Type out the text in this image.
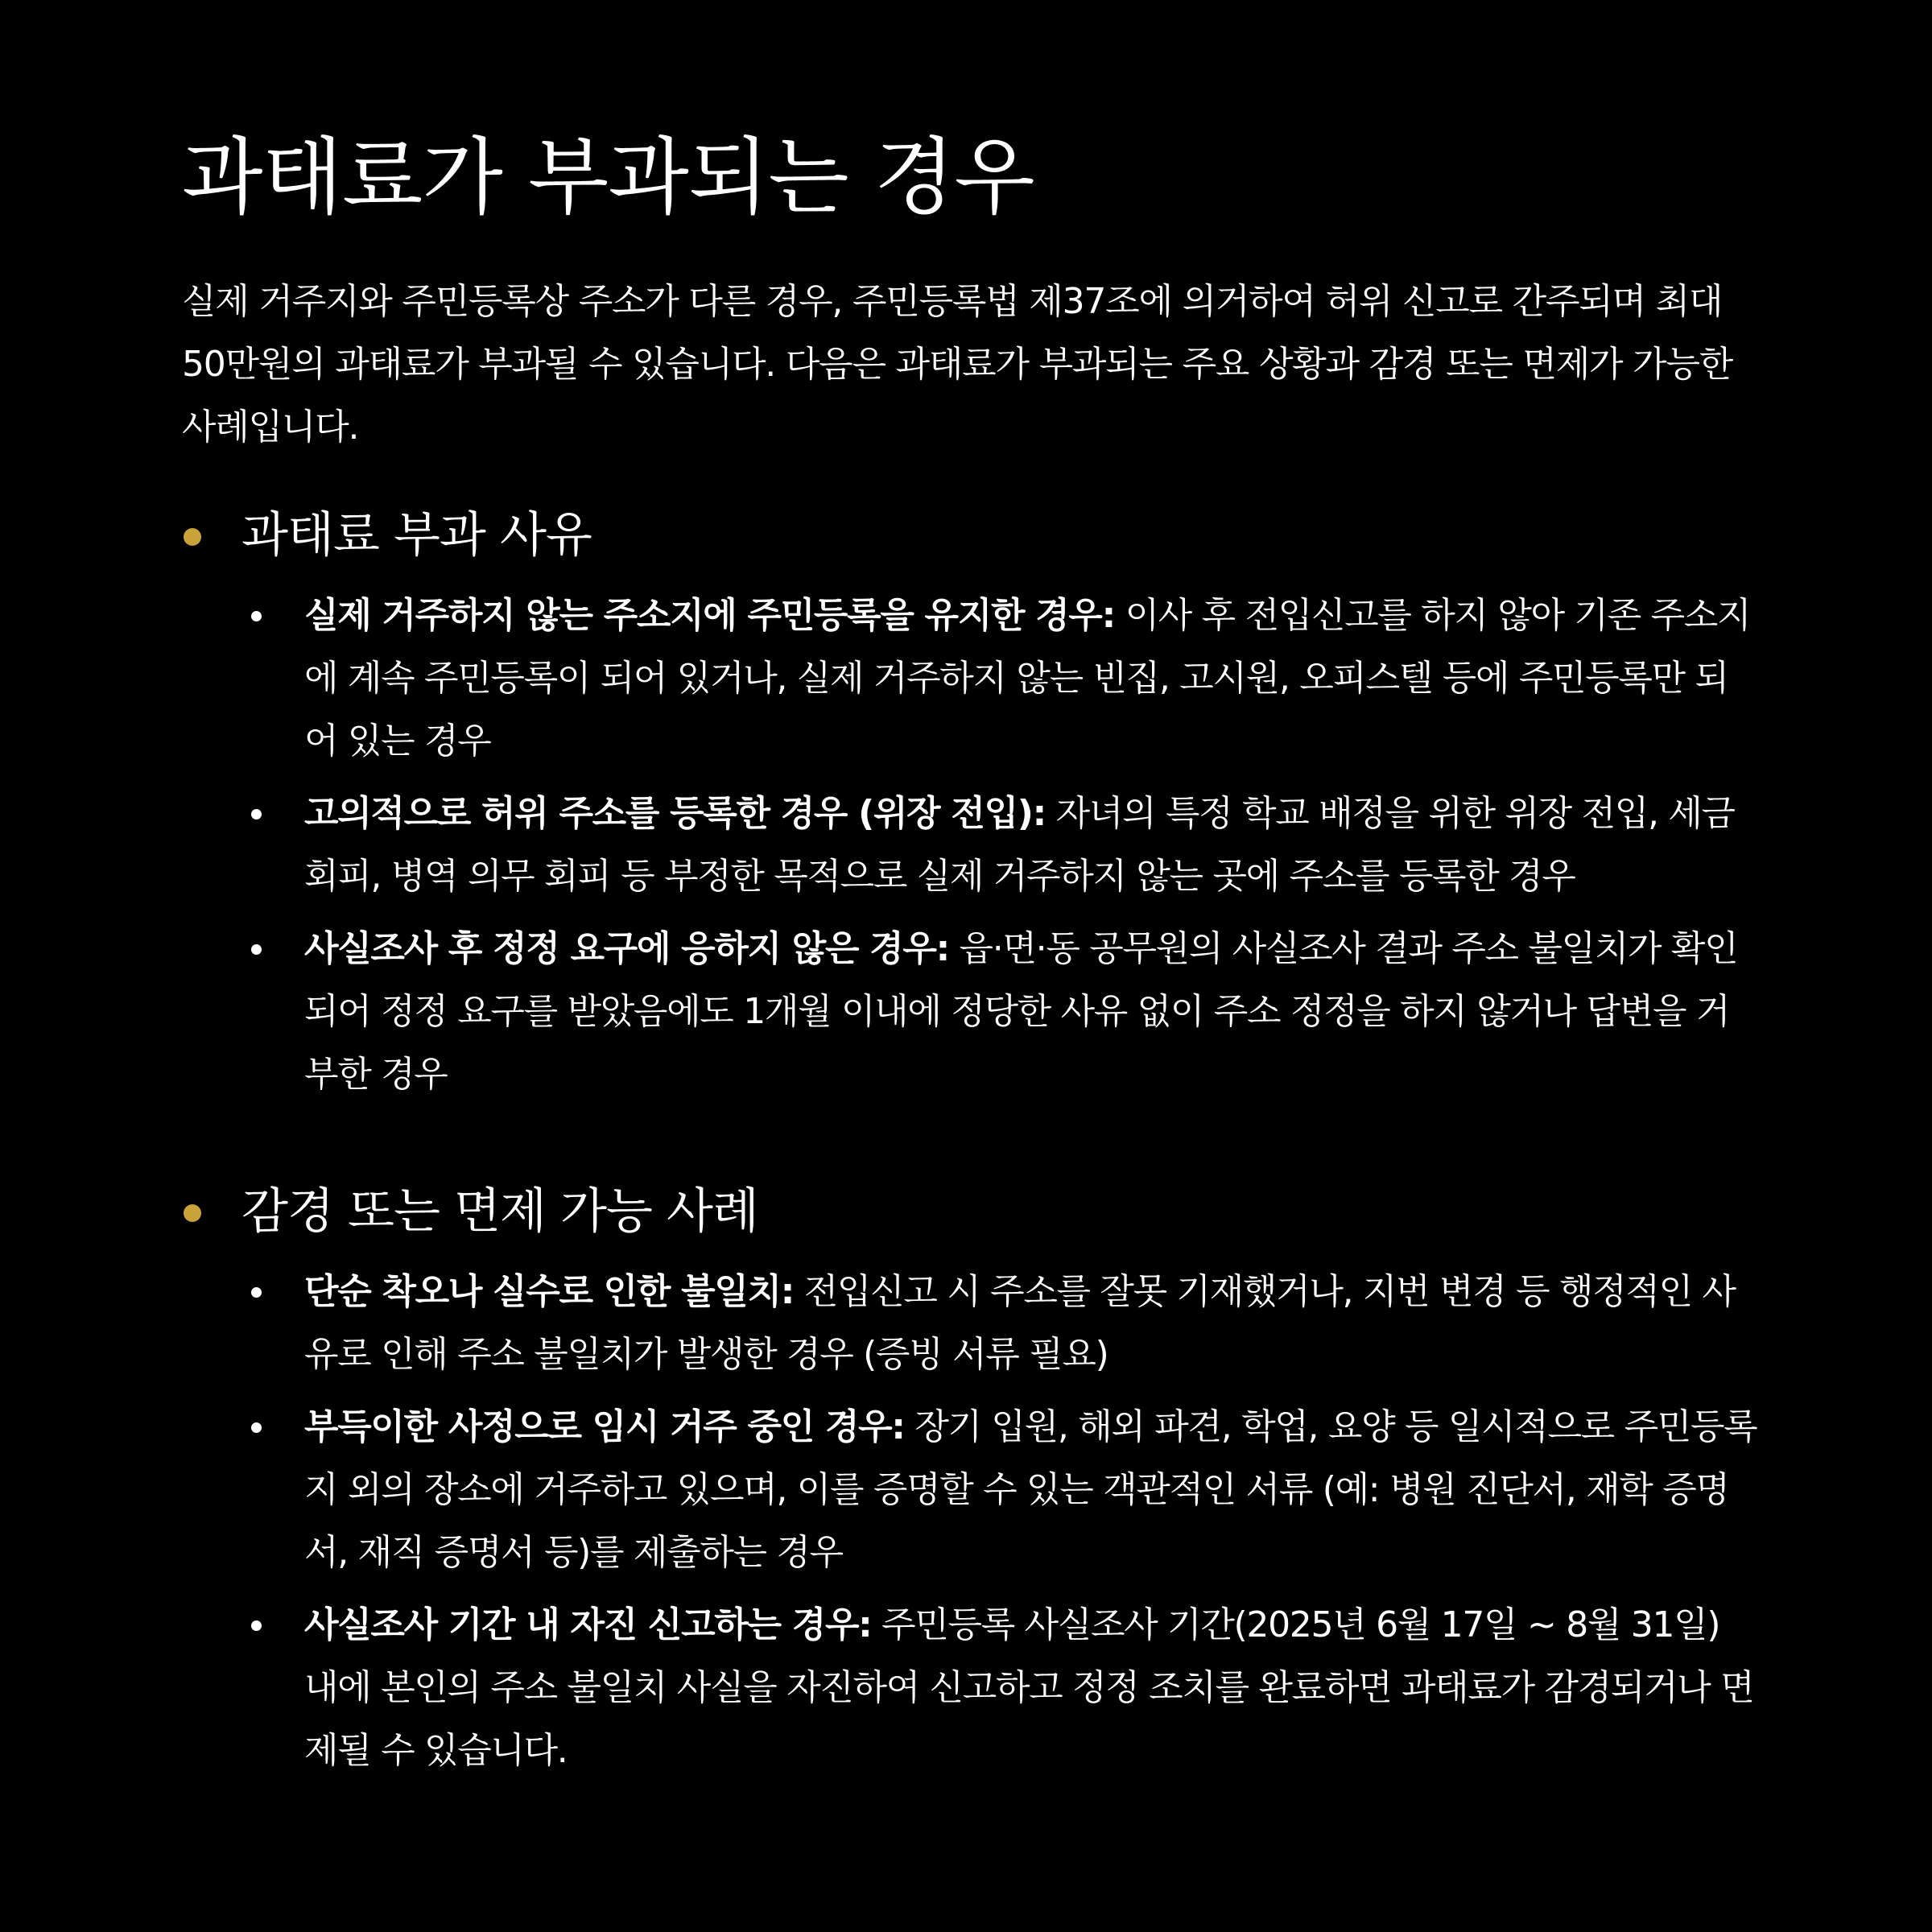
과태료가 부과되는 경우

실제 거주지와 주민등록상 주소가 다른 경우, 주민등록법 제37조에 의거하여 허위 신고로 간주되며 최대 50만원의 과태료가 부과될 수 있습니다. 다음은 과태료가 부과되는 주요 상황과 감경 또는 면제가 가능한 사례입니다.

과태료 부과 사유
실제 거주하지 않는 주소지에 주민등록을 유지한 경우: 이사 후 전입신고를 하지 않아 기존 주소지에 계속 주민등록이 되어 있거나, 실제 거주하지 않는 빈집, 고시원, 오피스텔 등에 주민등록만 되어 있는 경우
고의적으로 허위 주소를 등록한 경우 (위장 전입): 자녀의 특정 학교 배정을 위한 위장 전입, 세금 회피, 병역 의무 회피 등 부정한 목적으로 실제 거주하지 않는 곳에 주소를 등록한 경우
사실조사 후 정정 요구에 응하지 않은 경우: 읍·면·동 공무원의 사실조사 결과 주소 불일치가 확인되어 정정 요구를 받았음에도 1개월 이내에 정당한 사유 없이 주소 정정을 하지 않거나 답변을 거부한 경우
감경 또는 면제 가능 사례
단순 착오나 실수로 인한 불일치: 전입신고 시 주소를 잘못 기재했거나, 지번 변경 등 행정적인 사유로 인해 주소 불일치가 발생한 경우 (증빙 서류 필요)
부득이한 사정으로 임시 거주 중인 경우: 장기 입원, 해외 파견, 학업, 요양 등 일시적으로 주민등록지 외의 장소에 거주하고 있으며, 이를 증명할 수 있는 객관적인 서류 (예: 병원 진단서, 재학 증명서, 재직 증명서 등)를 제출하는 경우
사실조사 기간 내 자진 신고하는 경우: 주민등록 사실조사 기간(2025년 6월 17일 ~ 8월 31일) 내에 본인의 주소 불일치 사실을 자진하여 신고하고 정정 조치를 완료하면 과태료가 감경되거나 면제될 수 있습니다.
